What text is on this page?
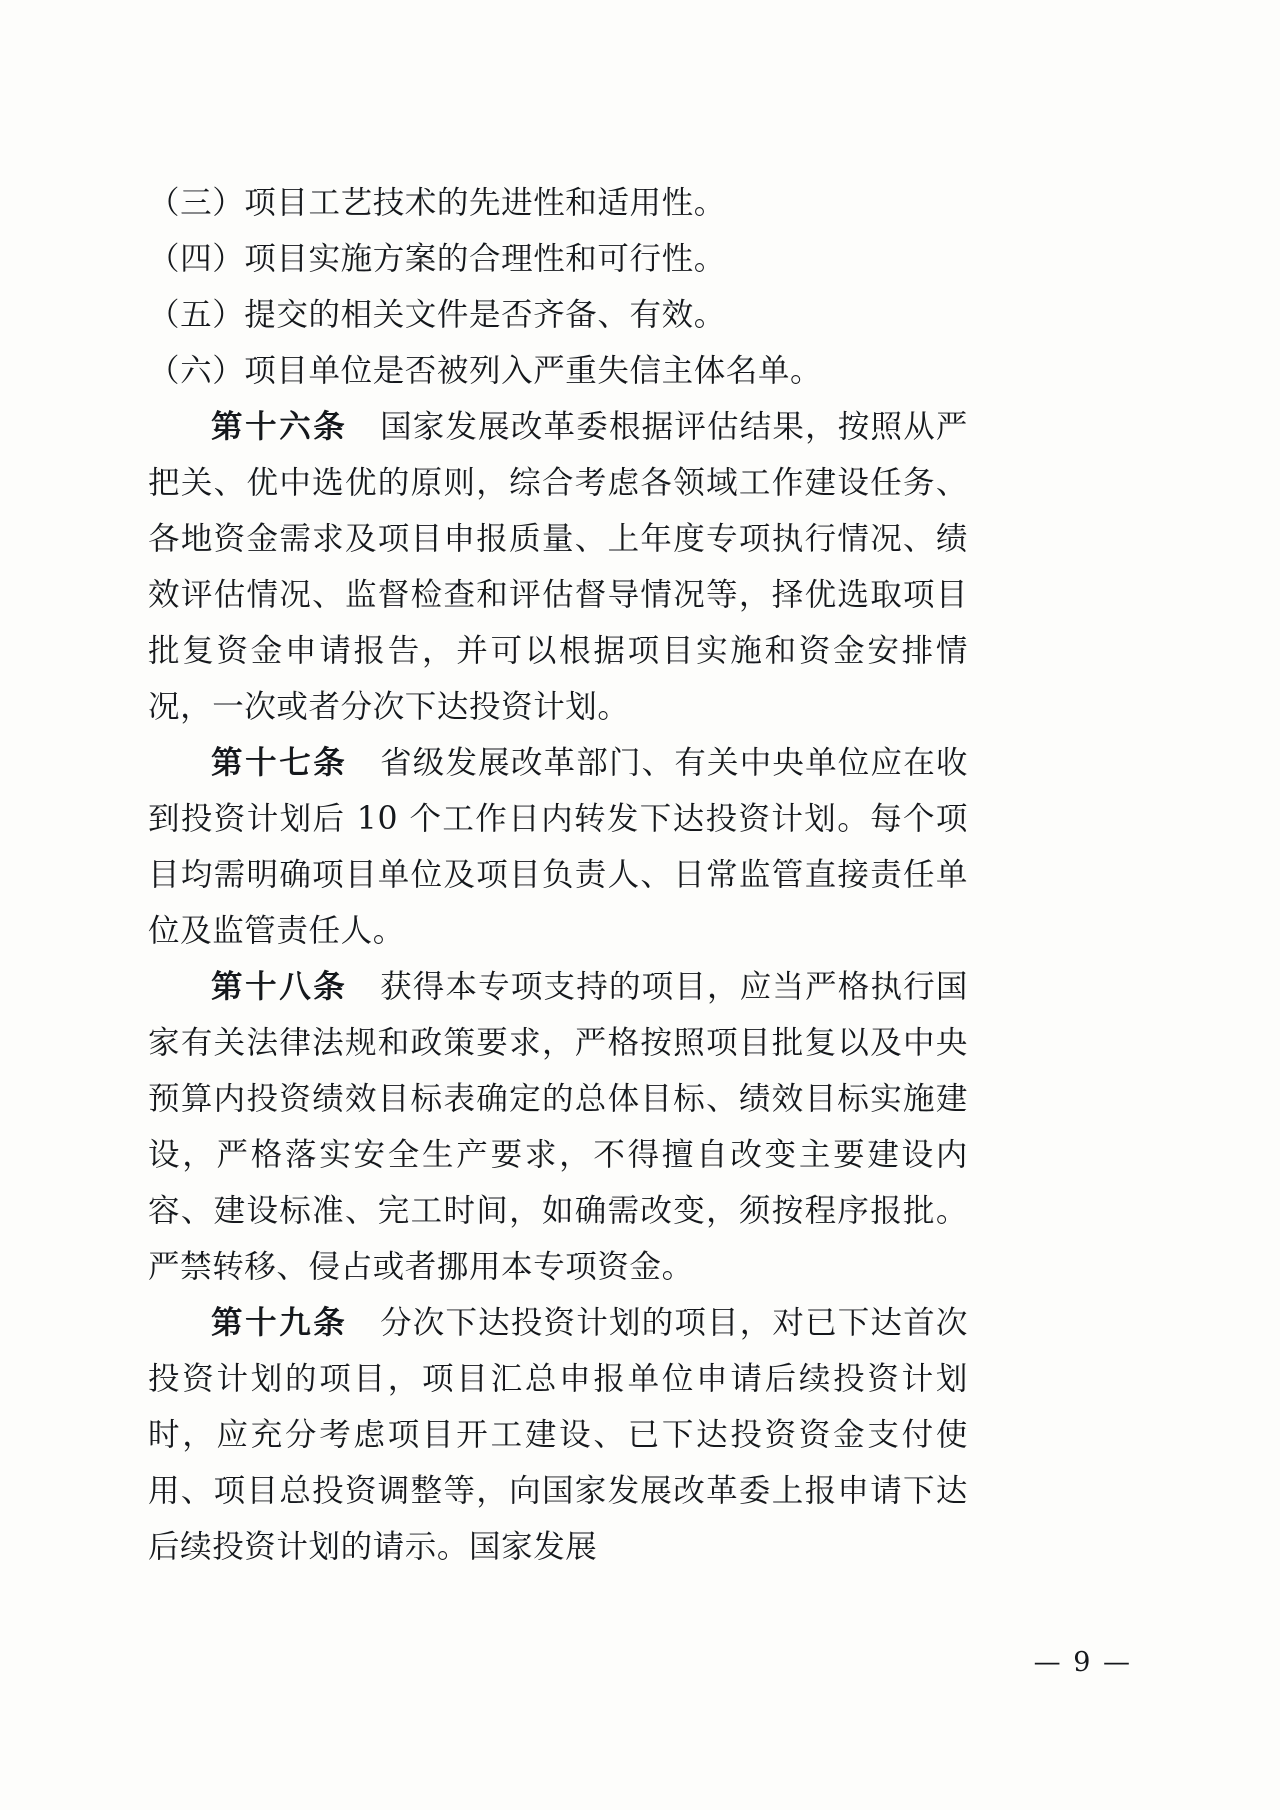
（三）项目工艺技术的先进性和适用性。

（四）项目实施方案的合理性和可行性。

（五）提交的相关文件是否齐备、有效。

（六）项目单位是否被列入严重失信主体名单。

第十六条　国家发展改革委根据评估结果，按照从严把关、优中选优的原则，综合考虑各领域工作建设任务、各地资金需求及项目申报质量、上年度专项执行情况、绩效评估情况、监督检查和评估督导情况等，择优选取项目批复资金申请报告，并可以根据项目实施和资金安排情况，一次或者分次下达投资计划。

第十七条　省级发展改革部门、有关中央单位应在收到投资计划后 10 个工作日内转发下达投资计划。每个项目均需明确项目单位及项目负责人、日常监管直接责任单位及监管责任人。

第十八条　获得本专项支持的项目，应当严格执行国家有关法律法规和政策要求，严格按照项目批复以及中央预算内投资绩效目标表确定的总体目标、绩效目标实施建设，严格落实安全生产要求，不得擅自改变主要建设内容、建设标准、完工时间，如确需改变，须按程序报批。严禁转移、侵占或者挪用本专项资金。

第十九条　分次下达投资计划的项目，对已下达首次投资计划的项目，项目汇总申报单位申请后续投资计划时，应充分考虑项目开工建设、已下达投资资金支付使用、项目总投资调整等，向国家发展改革委上报申请下达后续投资计划的请示。国家发展

— 9 —
